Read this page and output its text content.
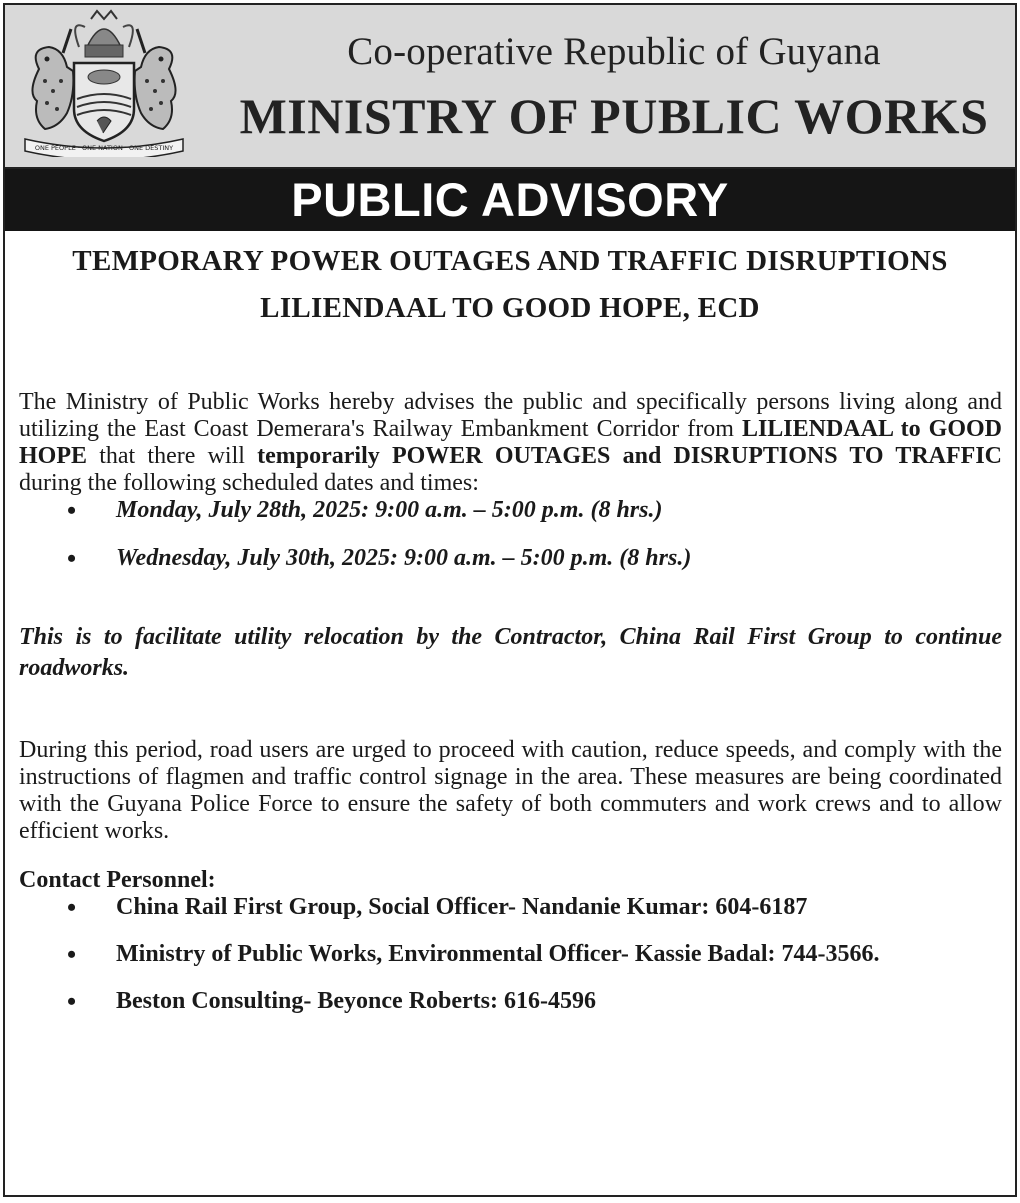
ONE PEOPLE · ONE NATION · ONE DESTINY
Co-operative Republic of Guyana
MINISTRY OF PUBLIC WORKS
PUBLIC ADVISORY
TEMPORARY POWER OUTAGES AND TRAFFIC DISRUPTIONS
LILIENDAAL TO GOOD HOPE, ECD

The Ministry of Public Works hereby advises the public and specifically persons living along and utilizing the East Coast Demerara's Railway Embankment Corridor from LILIENDAAL to GOOD HOPE that there will temporarily POWER OUTAGES and DISRUPTIONS TO TRAFFIC during the following scheduled dates and times:

• Monday, July 28th, 2025: 9:00 a.m. – 5:00 p.m. (8 hrs.)
• Wednesday, July 30th, 2025: 9:00 a.m. – 5:00 p.m. (8 hrs.)

This is to facilitate utility relocation by the Contractor, China Rail First Group to continue roadworks.

During this period, road users are urged to proceed with caution, reduce speeds, and comply with the instructions of flagmen and traffic control signage in the area. These measures are being coordinated with the Guyana Police Force to ensure the safety of both commuters and work crews and to allow efficient works.

Contact Personnel:
• China Rail First Group, Social Officer- Nandanie Kumar: 604-6187
• Ministry of Public Works, Environmental Officer- Kassie Badal: 744-3566.
• Beston Consulting- Beyonce Roberts: 616-4596
